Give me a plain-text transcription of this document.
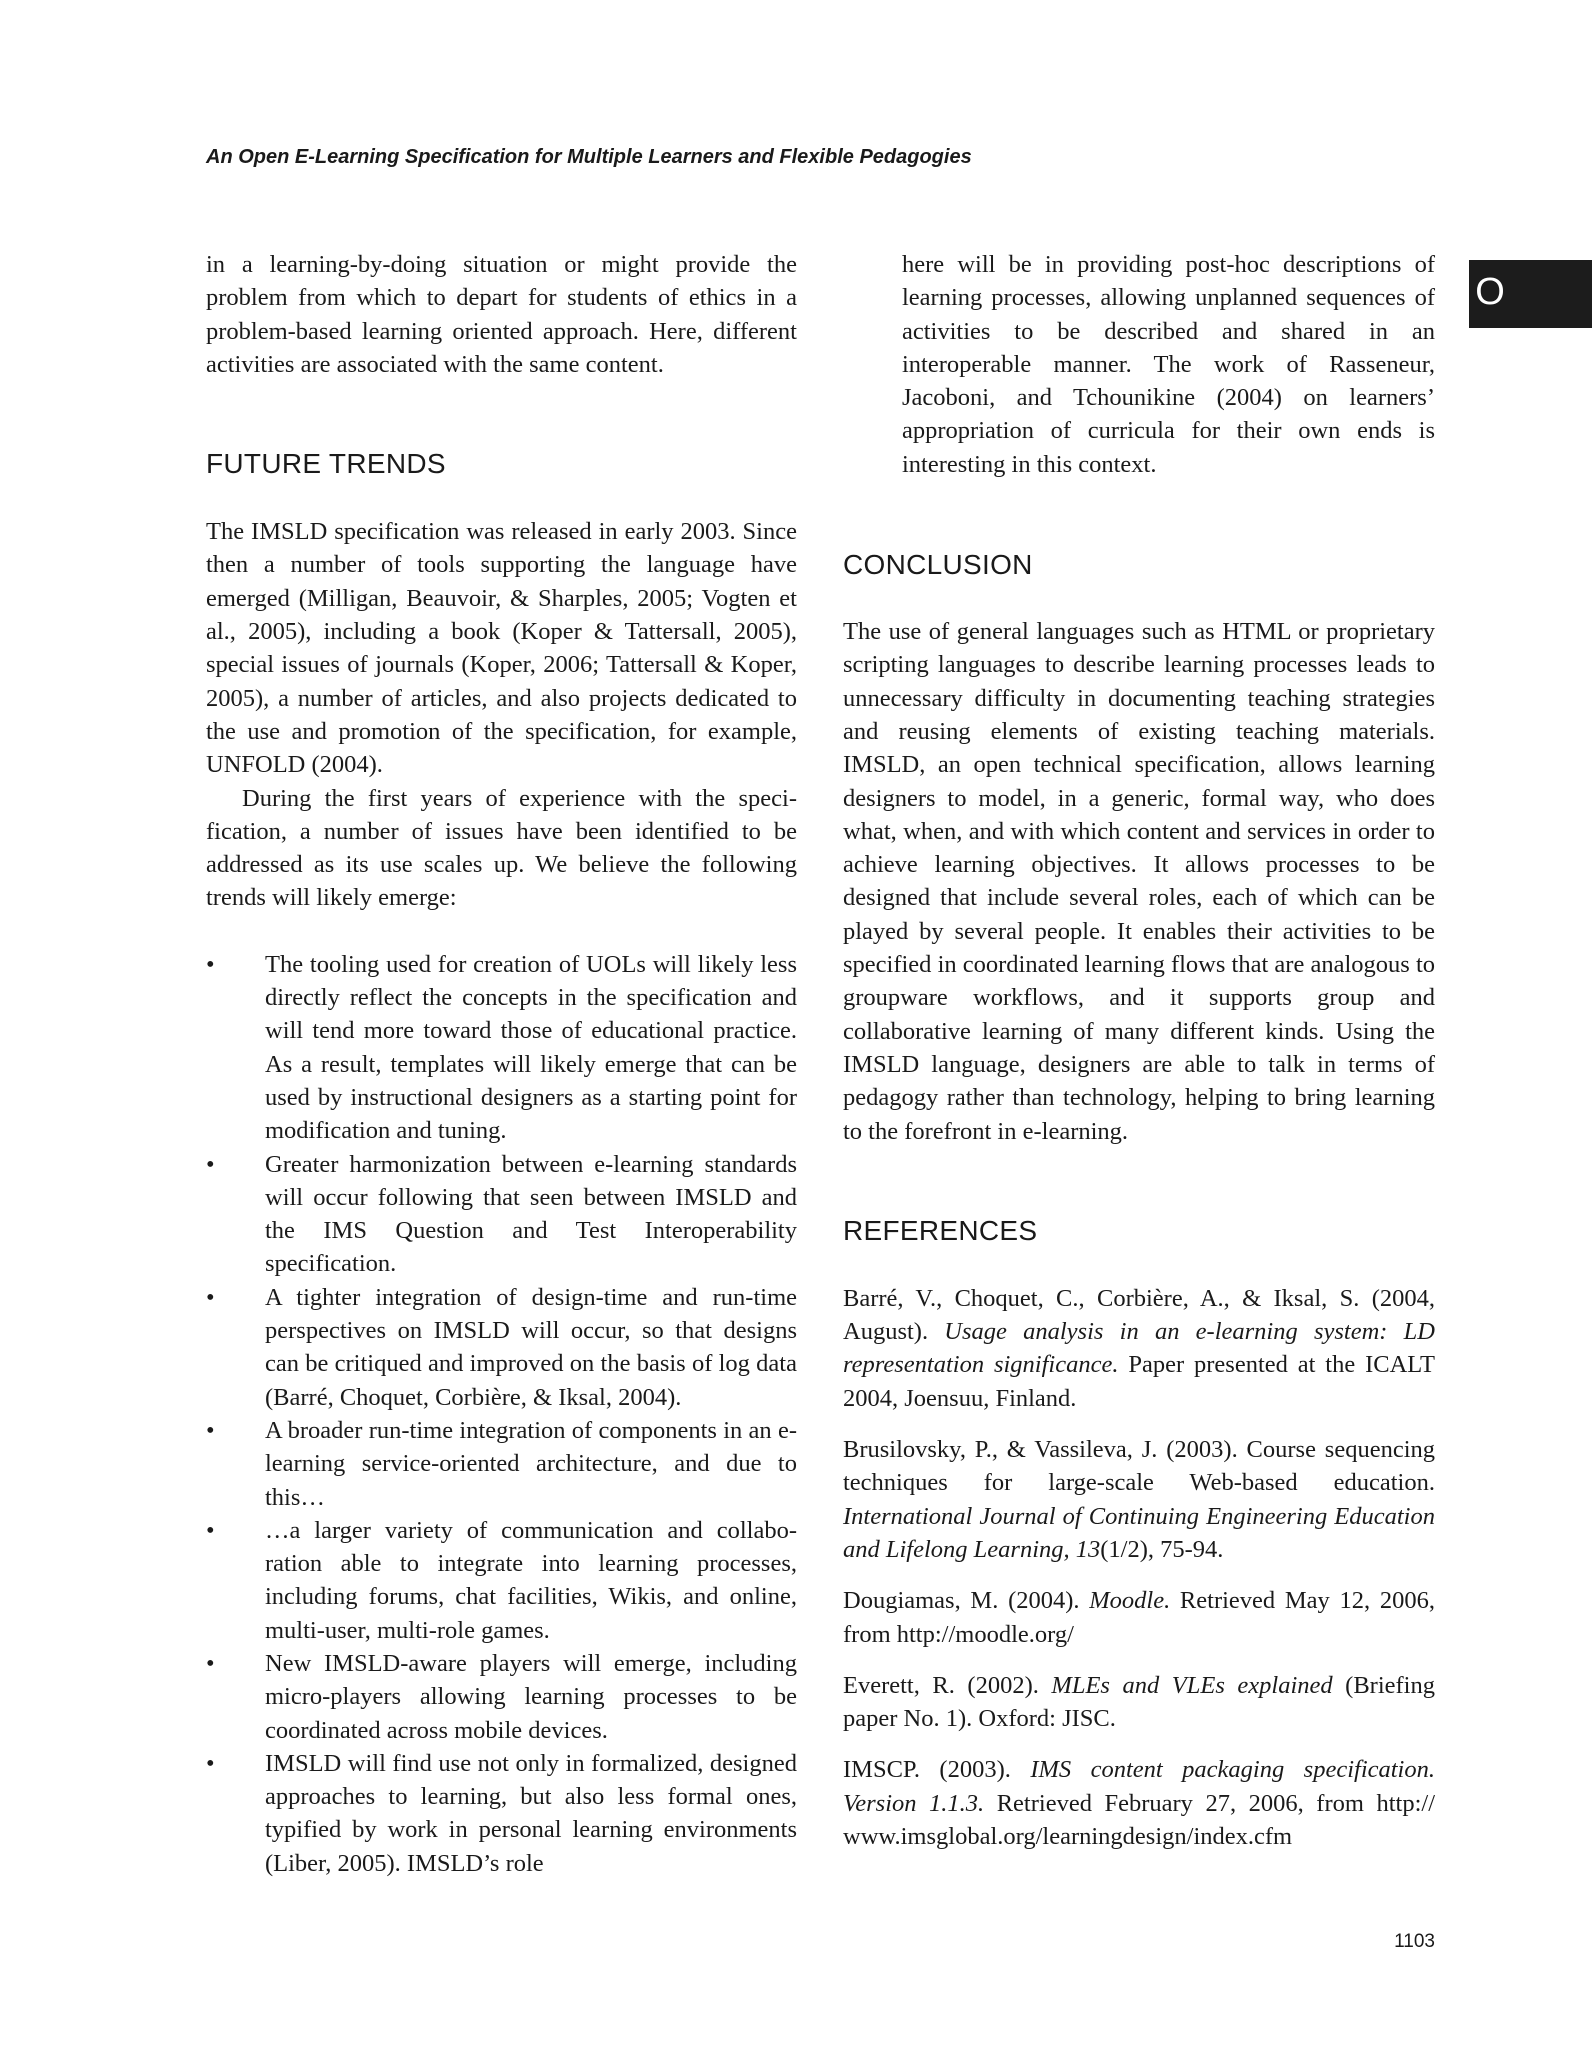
An Open E-Learning Specification for Multiple Learners and Flexible Pedagogies
O

in a learning-by-doing situation or might provide the problem from which to depart for students of ethics in a problem-based learning oriented approach. Here, different activities are associated with the same content.

FUTURE TRENDS

The IMSLD specification was released in early 2003. Since then a number of tools supporting the language have emerged (Milligan, Beauvoir, & Sharples, 2005; Vogten et al., 2005), including a book (Koper & Tattersall, 2005), special issues of journals (Koper, 2006; Tattersall & Koper, 2005), a number of articles, and also projects dedicated to the use and promotion of the specification, for example, UNFOLD (2004).

During the first years of experience with the specification, a number of issues have been identified to be addressed as its use scales up. We believe the following trends will likely emerge:

• The tooling used for creation of UOLs will likely less directly reflect the concepts in the specification and will tend more toward those of educational practice. As a result, templates will likely emerge that can be used by instructional designers as a starting point for modification and tuning.
• Greater harmonization between e-learning standards will occur following that seen between IMSLD and the IMS Question and Test Interoperability specification.
• A tighter integration of design-time and run-time perspectives on IMSLD will occur, so that designs can be critiqued and improved on the basis of log data (Barré, Choquet, Corbière, & Iksal, 2004).
• A broader run-time integration of components in an e-learning service-oriented architecture, and due to this…
• …a larger variety of communication and collaboration able to integrate into learning processes, including forums, chat facilities, Wikis, and online, multi-user, multi-role games.
• New IMSLD-aware players will emerge, including micro-players allowing learning processes to be coordinated across mobile devices.
• IMSLD will find use not only in formalized, designed approaches to learning, but also less formal ones, typified by work in personal learning environments (Liber, 2005). IMSLD’s role

here will be in providing post-hoc descriptions of learning processes, allowing unplanned sequences of activities to be described and shared in an interoperable manner. The work of Rasseneur, Jacoboni, and Tchounikine (2004) on learners’ appropriation of curricula for their own ends is interesting in this context.

CONCLUSION

The use of general languages such as HTML or proprietary scripting languages to describe learning processes leads to unnecessary difficulty in documenting teaching strategies and reusing elements of existing teaching materials. IMSLD, an open technical specification, allows learning designers to model, in a generic, formal way, who does what, when, and with which content and services in order to achieve learning objectives. It allows processes to be designed that include several roles, each of which can be played by several people. It enables their activities to be specified in coordinated learning flows that are analogous to groupware workflows, and it supports group and collaborative learning of many different kinds. Using the IMSLD language, designers are able to talk in terms of pedagogy rather than technology, helping to bring learning to the forefront in e-learning.

REFERENCES

Barré, V., Choquet, C., Corbière, A., & Iksal, S. (2004, August). Usage analysis in an e-learning system: LD representation significance. Paper presented at the ICALT 2004, Joensuu, Finland.

Brusilovsky, P., & Vassileva, J. (2003). Course sequencing techniques for large-scale Web-based education. International Journal of Continuing Engineering Education and Lifelong Learning, 13(1/2), 75-94.

Dougiamas, M. (2004). Moodle. Retrieved May 12, 2006, from http://moodle.org/

Everett, R. (2002). MLEs and VLEs explained (Briefing paper No. 1). Oxford: JISC.

IMSCP. (2003). IMS content packaging specification. Version 1.1.3. Retrieved February 27, 2006, from http:// www.imsglobal.org/learningdesign/index.cfm

1103
